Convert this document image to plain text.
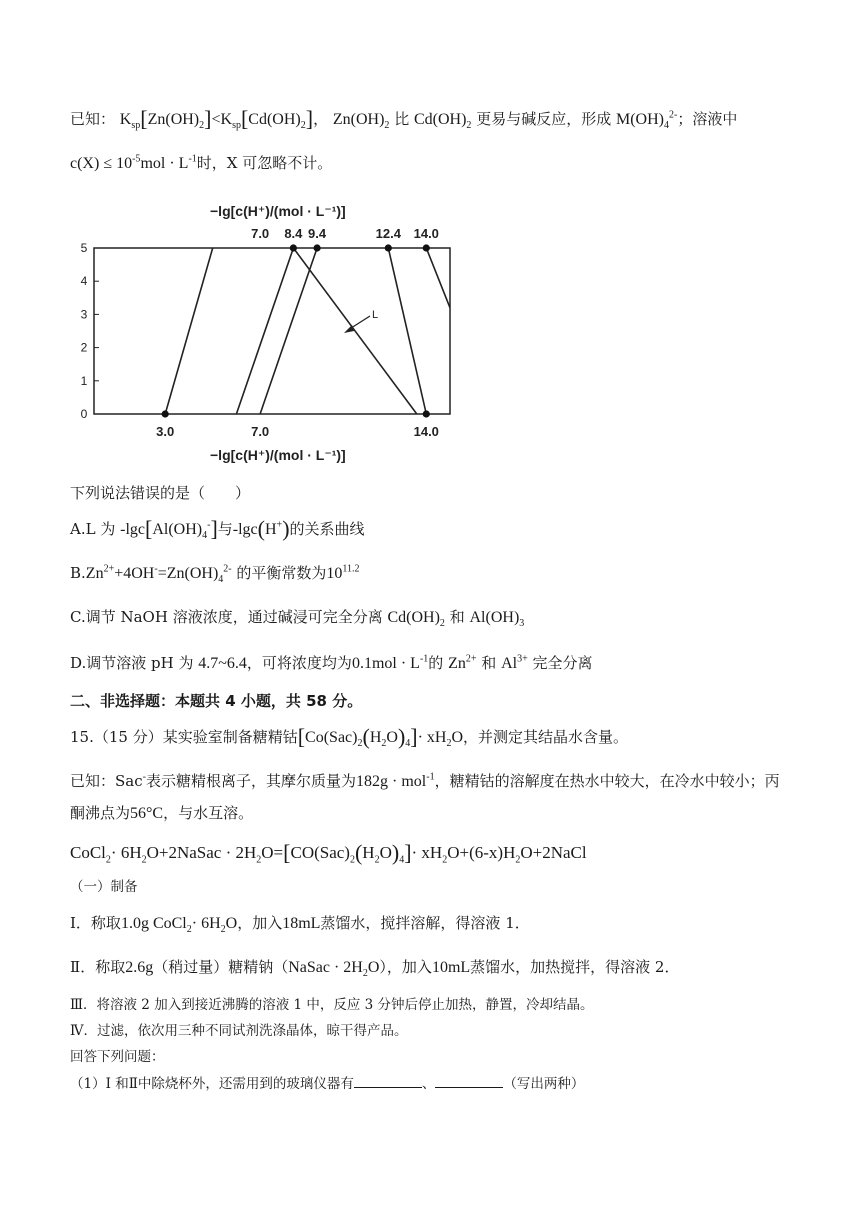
已知： $K_{sp}[Zn(OH)_2]<K_{sp}[Cd(OH)_2]$， $Zn(OH)_2$ 比 $Cd(OH)_2$ 更易与碱反应，形成 $M(OH)_4^{2-}$；溶液中
$c(X) \le 10^{-5}mol \cdot L^{-1}$时，X 可忽略不计。
−lg[c(H⁺)/(mol · L⁻¹)]
7.0 8.4 9.4	12.4 14.0
5
4
3
2
1
0
L
3.0	7.0	14.0
−lg[c(H⁺)/(mol · L⁻¹)]
下列说法错误的是（　　）
A.L 为 $-\lg c[Al(OH)_4^-]$与-lgc(H+)的关系曲线
$B.Zn^{2+}+4OH^-=Zn(OH)_4^{2-}$ 的平衡常数为$10^{11.2}$
C.调节 NaOH 溶液浓度，通过碱浸可完全分离 $Cd(OH)_2$ 和 $Al(OH)_3$
D.调节溶液 pH 为 4.7~6.4，可将浓度均为$0.1mol \cdot L^{-1}$的 $Zn^{2+}$ 和 $Al^{3+}$ 完全分离
二、非选择题：本题共 4 小题，共 58 分。
15.（15 分）某实验室制备糖精钴$[Co(Sac)_2(H_2O)_4]\cdot xH_2O$，并测定其结晶水含量。
已知：Sac-表示糖精根离子，其摩尔质量为182g · mol$^{-1}$，糖精钴的溶解度在热水中较大，在冷水中较小；丙
酮沸点为56°C，与水互溶。
CoCl$_2$· $6H_2O+2NaSac \cdot 2H_2O=[CO(Sac)_2(H_2O)_4]\cdot$ $xH_2O+(6-x)H_2O+2NaCl$
（一）制备
I．称取1.0g CoCl$_2$· $6H_2O$，加入18mL蒸馏水，搅拌溶解，得溶液 1．
Ⅱ．称取2.6g（稍过量）糖精钠（NaSac · $2H_2O$），加入10mL蒸馏水，加热搅拌，得溶液 2．
Ⅲ．将溶液 2 加入到接近沸腾的溶液 1 中，反应 3 分钟后停止加热，静置，冷却结晶。
Ⅳ．过滤，依次用三种不同试剂洗涤晶体，晾干得产品。
回答下列问题：
（1）I 和Ⅱ中除烧杯外，还需用到的玻璃仪器有	、	（写出两种）
